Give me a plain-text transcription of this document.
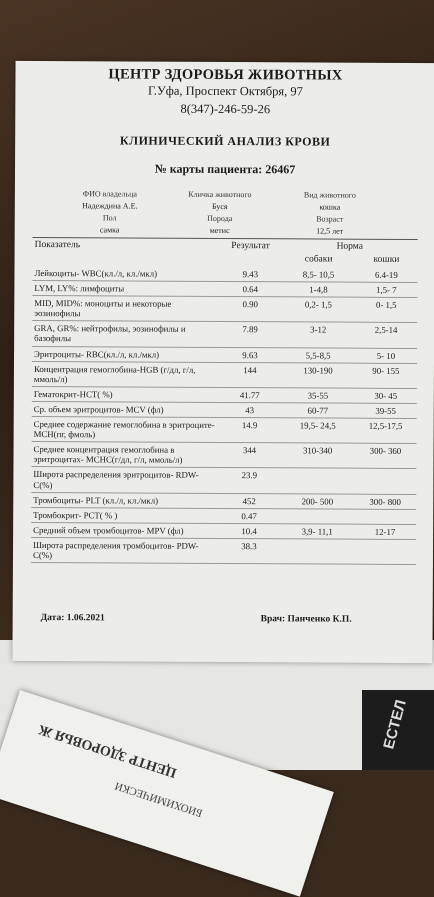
ЦЕНТР ЗДОРОВЬЯ Ж
БИОХИМИЧЕСКИ
ЕСТЕЛ
ЦЕНТР ЗДОРОВЬЯ ЖИВОТНЫХ
Г.Уфа, Проспект Октября, 97
8(347)-246-59-26
КЛИНИЧЕСКИЙ АНАЛИЗ КРОВИ
№ карты пациента: 26467
ФИО владельца	Кличка животного	Вид животного
Надеждина А.Е.	Буся	кошка
Пол	Порода	Возраст
самка	метис	12,5 лет
Показатель	Результат	Норма	
		собаки	кошки
Лейкоциты- WBC(кл./л, кл./мкл)	9.43	8,5- 10,5	6.4-19
LYM, LY%: лимфоциты	0.64	1-4,8	1,5- 7
MID, MID%: моноциты и некоторые эозинофилы	0.90	0,2- 1,5	0- 1,5
GRA, GR%: нейтрофилы, эозинофилы и базофилы	7.89	3-12	2,5-14
Эритроциты- RBC(кл./л, кл./мкл)	9.63	5,5-8,5	5- 10
Концентрация гемоглобина-HGB (г/дл, г/л, ммоль/л)	144	130-190	90- 155
Гематокрит-HCT( %)	41.77	35-55	30- 45
Ср. объем эритроцитов- MCV (фл)	43	60-77	39-55
Среднее содержание гемоглобина в эритроците- МСН(пг, фмоль)	14.9	19,5- 24,5	12,5-17,5
Среднее концентрация гемоглобина в эритроцитах- MCHC(г/дл, г/л, ммоль/л)	344	310-340	300- 360
Широта распределения эритроцитов- RDW-C(%)	23.9		
Тромбоциты- PLT (кл./л, кл./мкл)	452	200- 500	300- 800
Тромбокрит- PCT( % )	0.47		
Средний объем тромбоцитов- MPV (фл)	10.4	3,9- 11,1	12-17
Широта распределения тромбоцитов- PDW-C(%)	38.3		
Дата: 1.06.2021	Врач: Панченко К.П.
